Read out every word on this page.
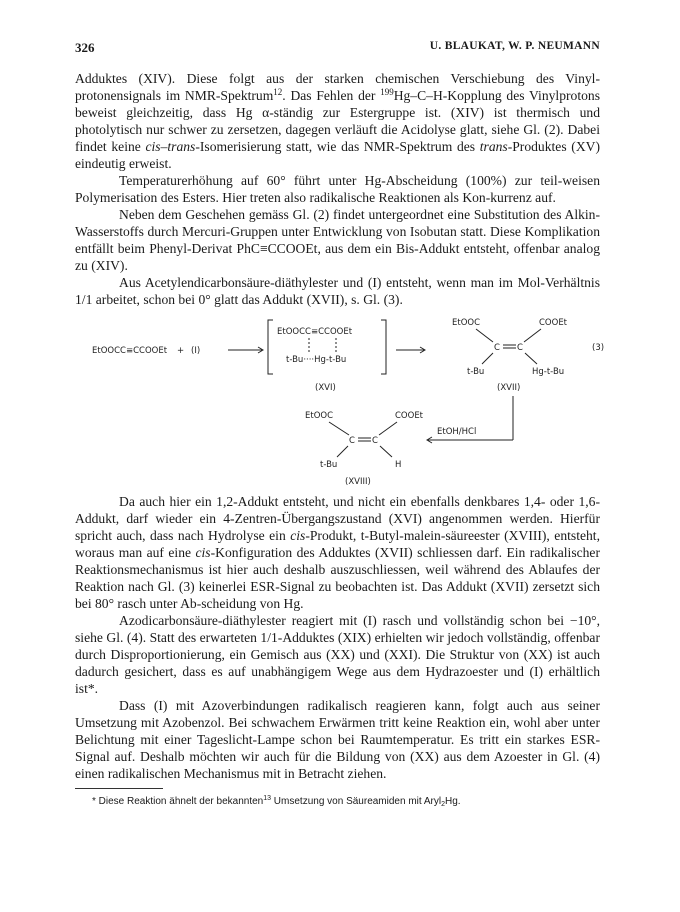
326	U. BLAUKAT, W. P. NEUMANN

Adduktes (XIV). Diese folgt aus der starken chemischen Verschiebung des Vinyl-protonensignals im NMR-Spektrum$^{12}$. Das Fehlen der $^{199}$Hg–C–H-Kopplung des Vinylprotons beweist gleichzeitig, dass Hg α-ständig zur Estergruppe ist. (XIV) ist thermisch und photolytisch nur schwer zu zersetzen, dagegen verläuft die Acidolyse glatt, siehe Gl. (2). Dabei findet keine cis–trans-Isomerisierung statt, wie das NMR-Spektrum des trans-Produktes (XV) eindeutig erweist.

Temperaturerhöhung auf 60° führt unter Hg-Abscheidung (100%) zur teil-weisen Polymerisation des Esters. Hier treten also radikalische Reaktionen als Kon-kurrenz auf.

Neben dem Geschehen gemäss Gl. (2) findet untergeordnet eine Substitution des Alkin-Wasserstoffs durch Mercuri-Gruppen unter Entwicklung von Isobutan statt. Diese Komplikation entfällt beim Phenyl-Derivat PhC≡CCOOEt, aus dem ein Bis-Addukt entsteht, offenbar analog zu (XIV).

Aus Acetylendicarbonsäure-diäthylester und (I) entsteht, wenn man im Mol-Verhältnis 1/1 arbeitet, schon bei 0° glatt das Addukt (XVII), s. Gl. (3).

EtOOCC≡CCOOEt + (I)
EtOOCC≡CCOOEt
t-Bu····Hg-t-Bu
(XVI)
EtOOC	COOEt
C C
t-Bu	Hg-t-Bu
(3)
(XVII)
EtOH/HCl
EtOOC	COOEt
C C
t-Bu	H
(XVIII)

Da auch hier ein 1,2-Addukt entsteht, und nicht ein ebenfalls denkbares 1,4- oder 1,6-Addukt, darf wieder ein 4-Zentren-Übergangszustand (XVI) angenommen werden. Hierfür spricht auch, dass nach Hydrolyse ein cis-Produkt, t-Butyl-malein-säureester (XVIII), entsteht, woraus man auf eine cis-Konfiguration des Adduktes (XVII) schliessen darf. Ein radikalischer Reaktionsmechanismus ist hier auch deshalb auszuschliessen, weil während des Ablaufes der Reaktion nach Gl. (3) keinerlei ESR-Signal zu beobachten ist. Das Addukt (XVII) zersetzt sich bei 80° rasch unter Ab-scheidung von Hg.

Azodicarbonsäure-diäthylester reagiert mit (I) rasch und vollständig schon bei −10°, siehe Gl. (4). Statt des erwarteten 1/1-Adduktes (XIX) erhielten wir jedoch vollständig, offenbar durch Disproportionierung, ein Gemisch aus (XX) und (XXI). Die Struktur von (XX) ist auch dadurch gesichert, dass es auf unabhängigem Wege aus dem Hydrazoester und (I) erhältlich ist*.

Dass (I) mit Azoverbindungen radikalisch reagieren kann, folgt auch aus seiner Umsetzung mit Azobenzol. Bei schwachem Erwärmen tritt keine Reaktion ein, wohl aber unter Belichtung mit einer Tageslicht-Lampe schon bei Raumtemperatur. Es tritt ein starkes ESR-Signal auf. Deshalb möchten wir auch für die Bildung von (XX) aus dem Azoester in Gl. (4) einen radikalischen Mechanismus mit in Betracht ziehen.

* Diese Reaktion ähnelt der bekannten$^{13}$ Umsetzung von Säureamiden mit Aryl$_2$Hg.
